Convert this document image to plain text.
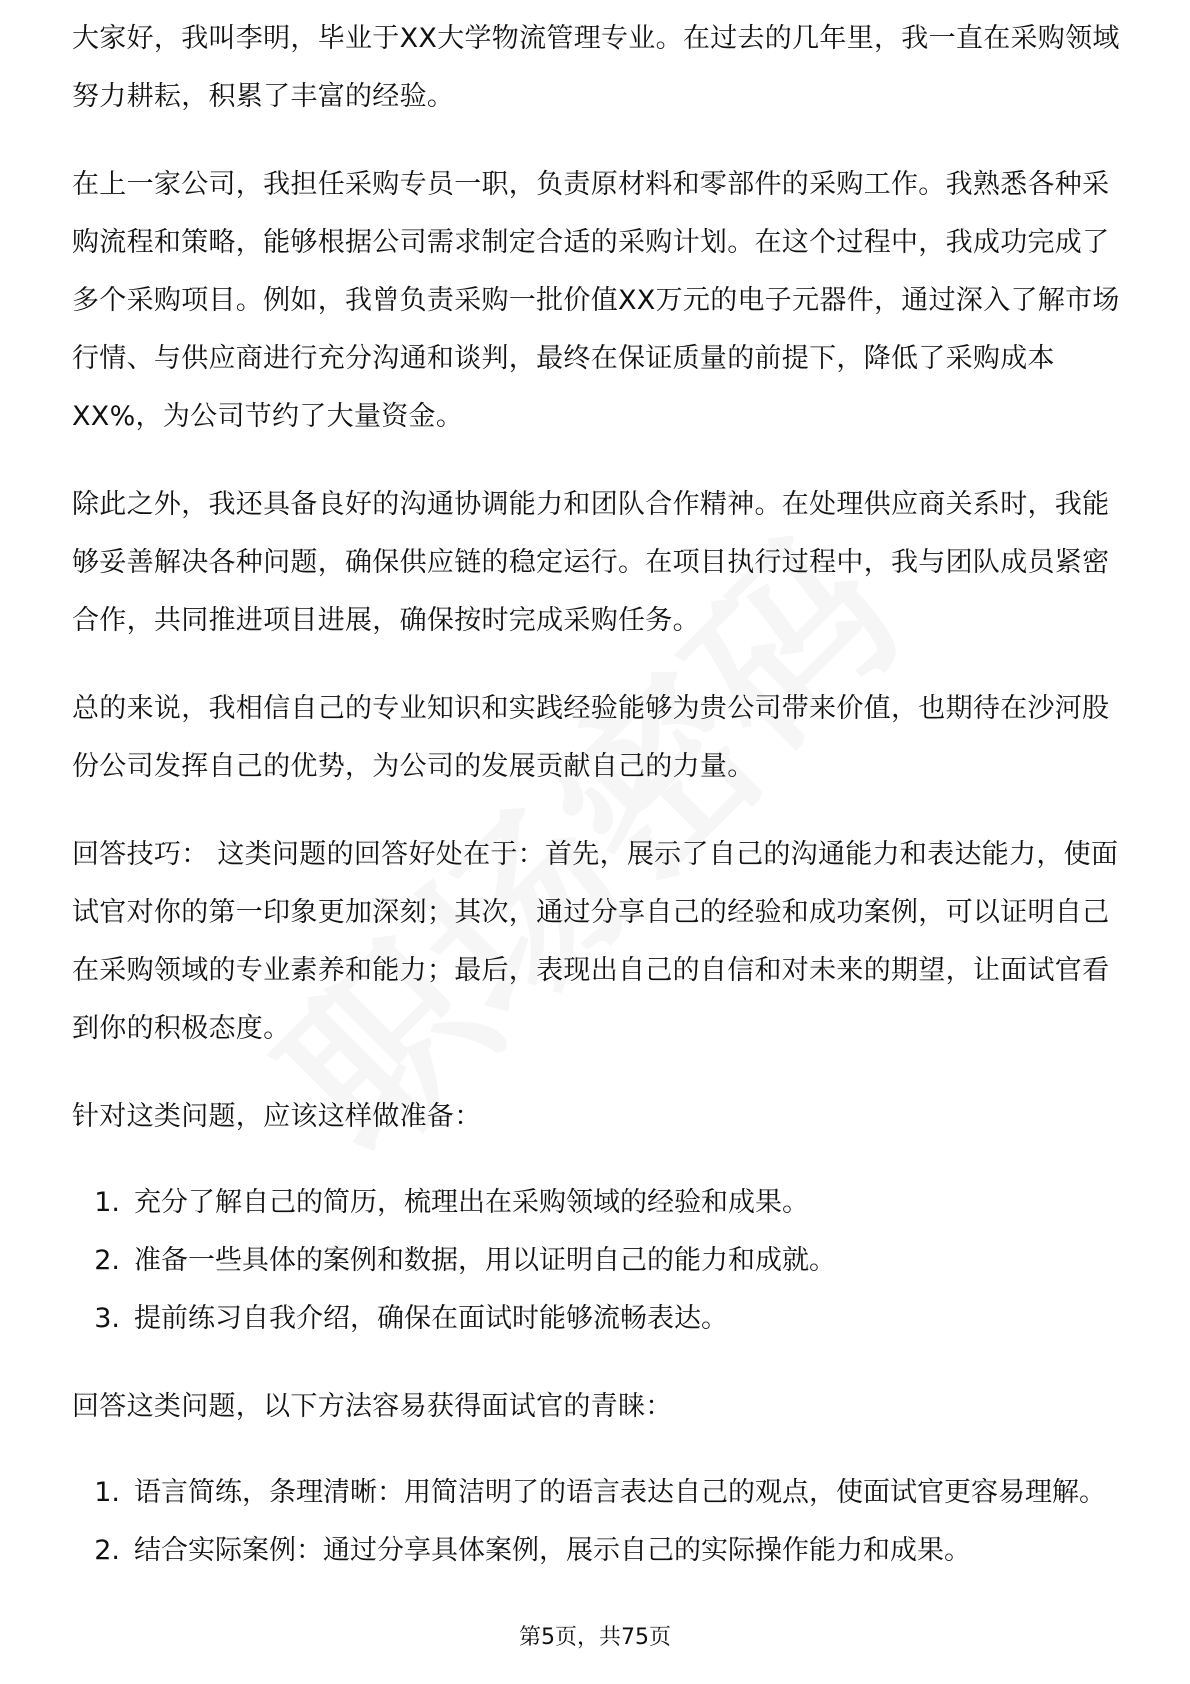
大家好，我叫李明，毕业于XX大学物流管理专业。在过去的几年里，我一直在采购领域努力耕耘，积累了丰富的经验。

在上一家公司，我担任采购专员一职，负责原材料和零部件的采购工作。我熟悉各种采购流程和策略，能够根据公司需求制定合适的采购计划。在这个过程中，我成功完成了多个采购项目。例如，我曾负责采购一批价值XX万元的电子元器件，通过深入了解市场行情、与供应商进行充分沟通和谈判，最终在保证质量的前提下，降低了采购成本XX%，为公司节约了大量资金。

除此之外，我还具备良好的沟通协调能力和团队合作精神。在处理供应商关系时，我能够妥善解决各种问题，确保供应链的稳定运行。在项目执行过程中，我与团队成员紧密合作，共同推进项目进展，确保按时完成采购任务。

总的来说，我相信自己的专业知识和实践经验能够为贵公司带来价值，也期待在沙河股份公司发挥自己的优势，为公司的发展贡献自己的力量。

回答技巧： 这类问题的回答好处在于：首先，展示了自己的沟通能力和表达能力，使面试官对你的第一印象更加深刻；其次，通过分享自己的经验和成功案例，可以证明自己在采购领域的专业素养和能力；最后，表现出自己的自信和对未来的期望，让面试官看到你的积极态度。

针对这类问题，应该这样做准备：

1. 充分了解自己的简历，梳理出在采购领域的经验和成果。
2. 准备一些具体的案例和数据，用以证明自己的能力和成就。
3. 提前练习自我介绍，确保在面试时能够流畅表达。

回答这类问题，以下方法容易获得面试官的青睐：

1. 语言简练，条理清晰：用简洁明了的语言表达自己的观点，使面试官更容易理解。
2. 结合实际案例：通过分享具体案例，展示自己的实际操作能力和成果。
第5页，共75页
